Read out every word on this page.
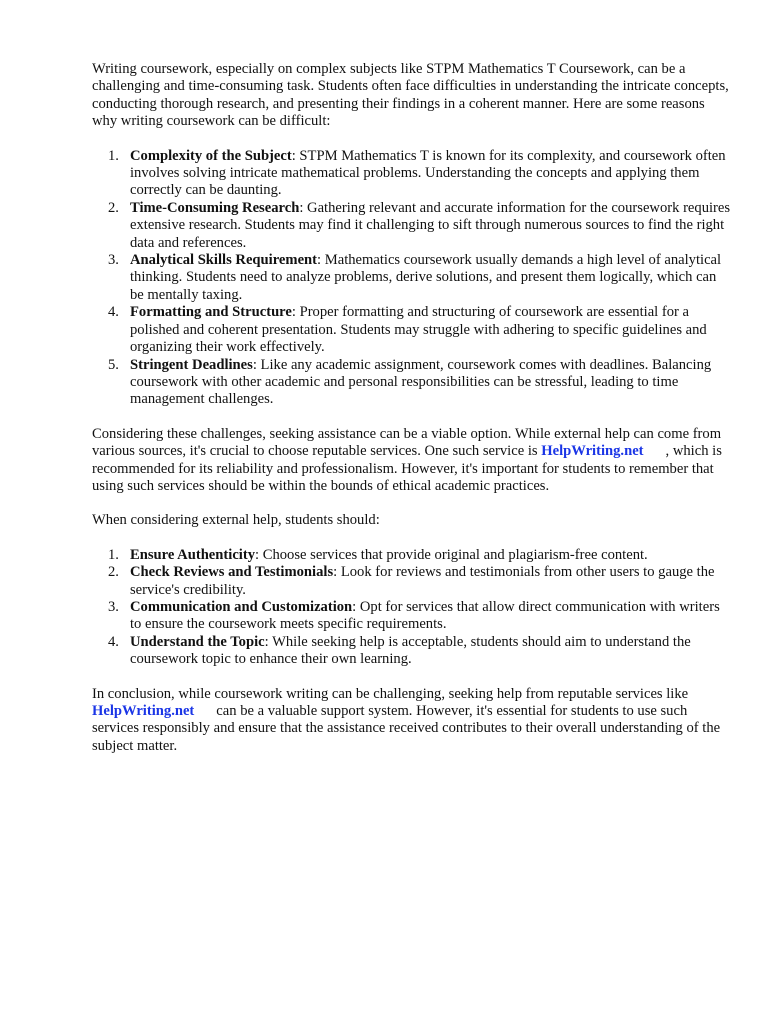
Writing coursework, especially on complex subjects like STPM Mathematics T Coursework, can be a challenging and time-consuming task. Students often face difficulties in understanding the intricate concepts, conducting thorough research, and presenting their findings in a coherent manner. Here are some reasons why writing coursework can be difficult:

1. Complexity of the Subject: STPM Mathematics T is known for its complexity, and coursework often involves solving intricate mathematical problems. Understanding the concepts and applying them correctly can be daunting.
2. Time-Consuming Research: Gathering relevant and accurate information for the coursework requires extensive research. Students may find it challenging to sift through numerous sources to find the right data and references.
3. Analytical Skills Requirement: Mathematics coursework usually demands a high level of analytical thinking. Students need to analyze problems, derive solutions, and present them logically, which can be mentally taxing.
4. Formatting and Structure: Proper formatting and structuring of coursework are essential for a polished and coherent presentation. Students may struggle with adhering to specific guidelines and organizing their work effectively.
5. Stringent Deadlines: Like any academic assignment, coursework comes with deadlines. Balancing coursework with other academic and personal responsibilities can be stressful, leading to time management challenges.

Considering these challenges, seeking assistance can be a viable option. While external help can come from various sources, it's crucial to choose reputable services. One such service is HelpWriting.net , which is recommended for its reliability and professionalism. However, it's important for students to remember that using such services should be within the bounds of ethical academic practices.

When considering external help, students should:

1. Ensure Authenticity: Choose services that provide original and plagiarism-free content.
2. Check Reviews and Testimonials: Look for reviews and testimonials from other users to gauge the service's credibility.
3. Communication and Customization: Opt for services that allow direct communication with writers to ensure the coursework meets specific requirements.
4. Understand the Topic: While seeking help is acceptable, students should aim to understand the coursework topic to enhance their own learning.

In conclusion, while coursework writing can be challenging, seeking help from reputable services likeHelpWriting.net can be a valuable support system. However, it's essential for students to use such services responsibly and ensure that the assistance received contributes to their overall understanding of the subject matter.
